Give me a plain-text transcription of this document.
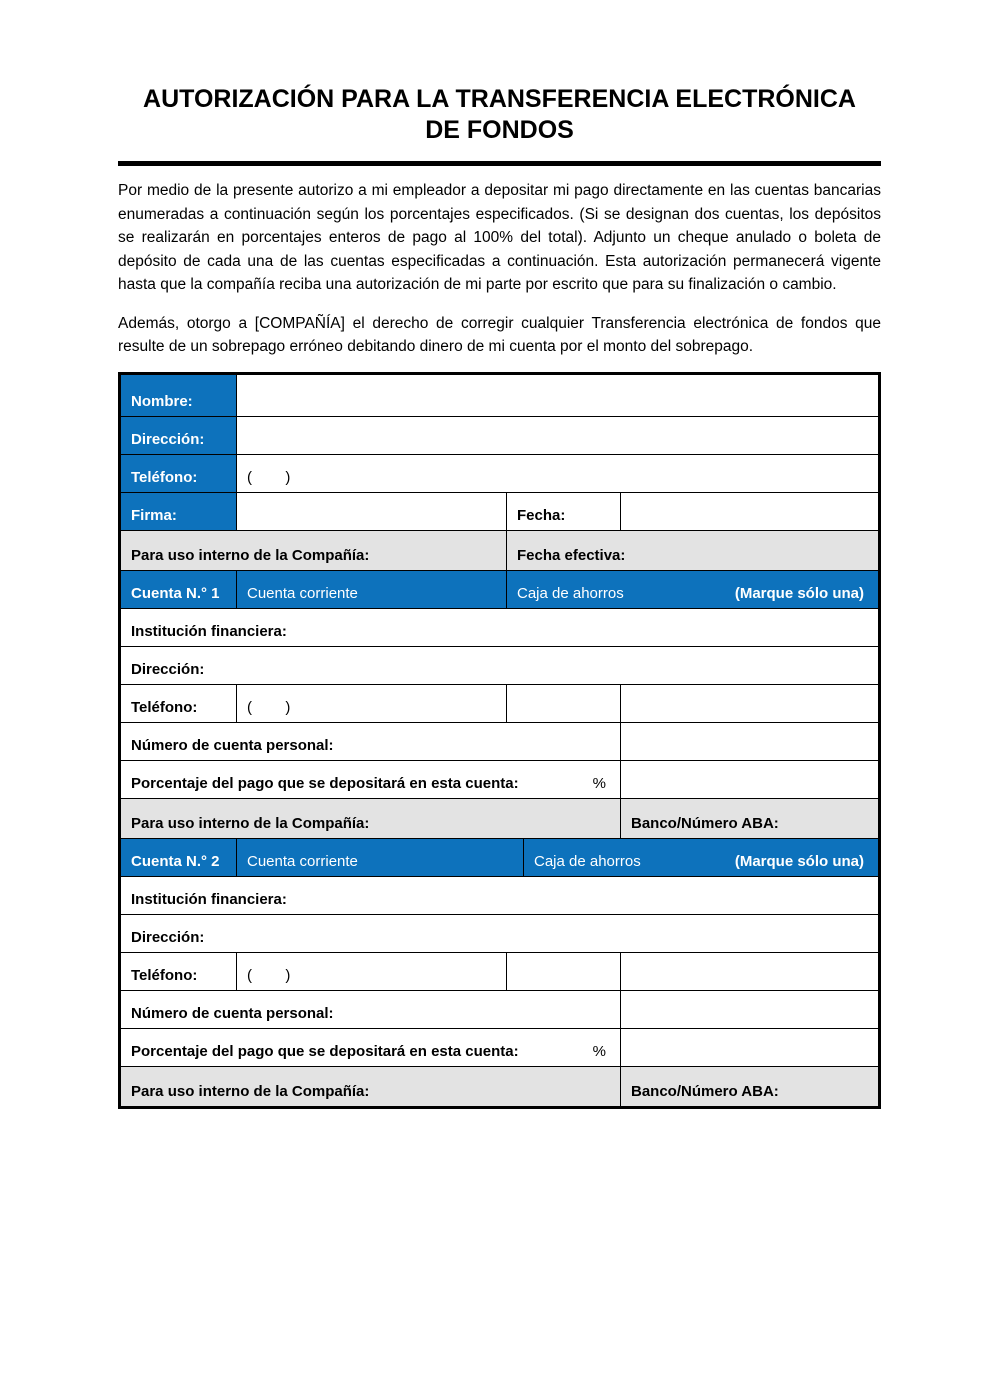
AUTORIZACIÓN PARA LA TRANSFERENCIA ELECTRÓNICA
DE FONDOS

Por medio de la presente autorizo a mi empleador a depositar mi pago directamente en las cuentas bancarias enumeradas a continuación según los porcentajes especificados. (Si se designan dos cuentas, los depósitos se realizarán en porcentajes enteros de pago al 100% del total). Adjunto un cheque anulado o boleta de depósito de cada una de las cuentas especificadas a continuación. Esta autorización permanecerá vigente hasta que la compañía reciba una autorización de mi parte por escrito que para su finalización o cambio.

Además, otorgo a [COMPAÑÍA] el derecho de corregir cualquier Transferencia electrónica de fondos que resulte de un sobrepago erróneo debitando dinero de mi cuenta por el monto del sobrepago.

Nombre:
Dirección:
Teléfono:	(        )
Firma:	Fecha:
Para uso interno de la Compañía:	Fecha efectiva:
Cuenta N.° 1	Cuenta corriente	Caja de ahorros	(Marque sólo una)
Institución financiera:
Dirección:
Teléfono:	(        )
Número de cuenta personal:
Porcentaje del pago que se depositará en esta cuenta:	%
Para uso interno de la Compañía:	Banco/Número ABA:
Cuenta N.° 2	Cuenta corriente	Caja de ahorros	(Marque sólo una)
Institución financiera:
Dirección:
Teléfono:	(        )
Número de cuenta personal:
Porcentaje del pago que se depositará en esta cuenta:	%
Para uso interno de la Compañía:	Banco/Número ABA:
